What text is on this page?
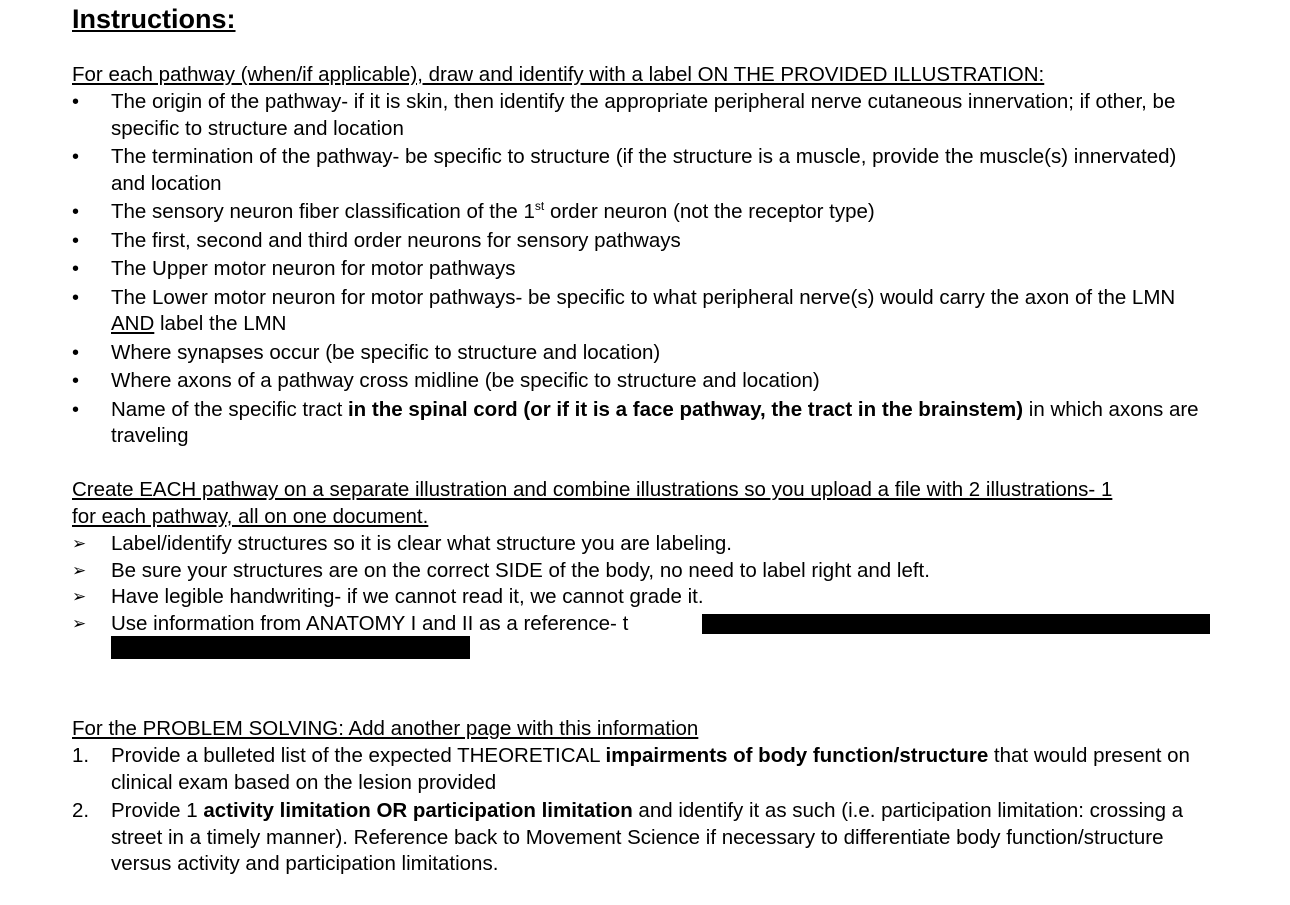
Instructions:
For each pathway (when/if applicable), draw and identify with a label ON THE PROVIDED ILLUSTRATION:
• The origin of the pathway- if it is skin, then identify the appropriate peripheral nerve cutaneous innervation; if other, be specific to structure and location
• The termination of the pathway- be specific to structure (if the structure is a muscle, provide the muscle(s) innervated) and location
• The sensory neuron fiber classification of the 1st order neuron (not the receptor type)
• The first, second and third order neurons for sensory pathways
• The Upper motor neuron for motor pathways
• The Lower motor neuron for motor pathways- be specific to what peripheral nerve(s) would carry the axon of the LMN AND label the LMN
• Where synapses occur (be specific to structure and location)
• Where axons of a pathway cross midline (be specific to structure and location)
• Name of the specific tract in the spinal cord (or if it is a face pathway, the tract in the brainstem) in which axons are traveling
Create EACH pathway on a separate illustration and combine illustrations so you upload a file with 2 illustrations- 1 for each pathway, all on one document.
➢ Label/identify structures so it is clear what structure you are labeling.
➢ Be sure your structures are on the correct SIDE of the body, no need to label right and left.
➢ Have legible handwriting- if we cannot read it, we cannot grade it.
➢ Use information from ANATOMY I and II as a reference- t
For the PROBLEM SOLVING: Add another page with this information
1. Provide a bulleted list of the expected THEORETICAL impairments of body function/structure that would present on clinical exam based on the lesion provided
2. Provide 1 activity limitation OR participation limitation and identify it as such (i.e. participation limitation: crossing a street in a timely manner). Reference back to Movement Science if necessary to differentiate body function/structure versus activity and participation limitations.
